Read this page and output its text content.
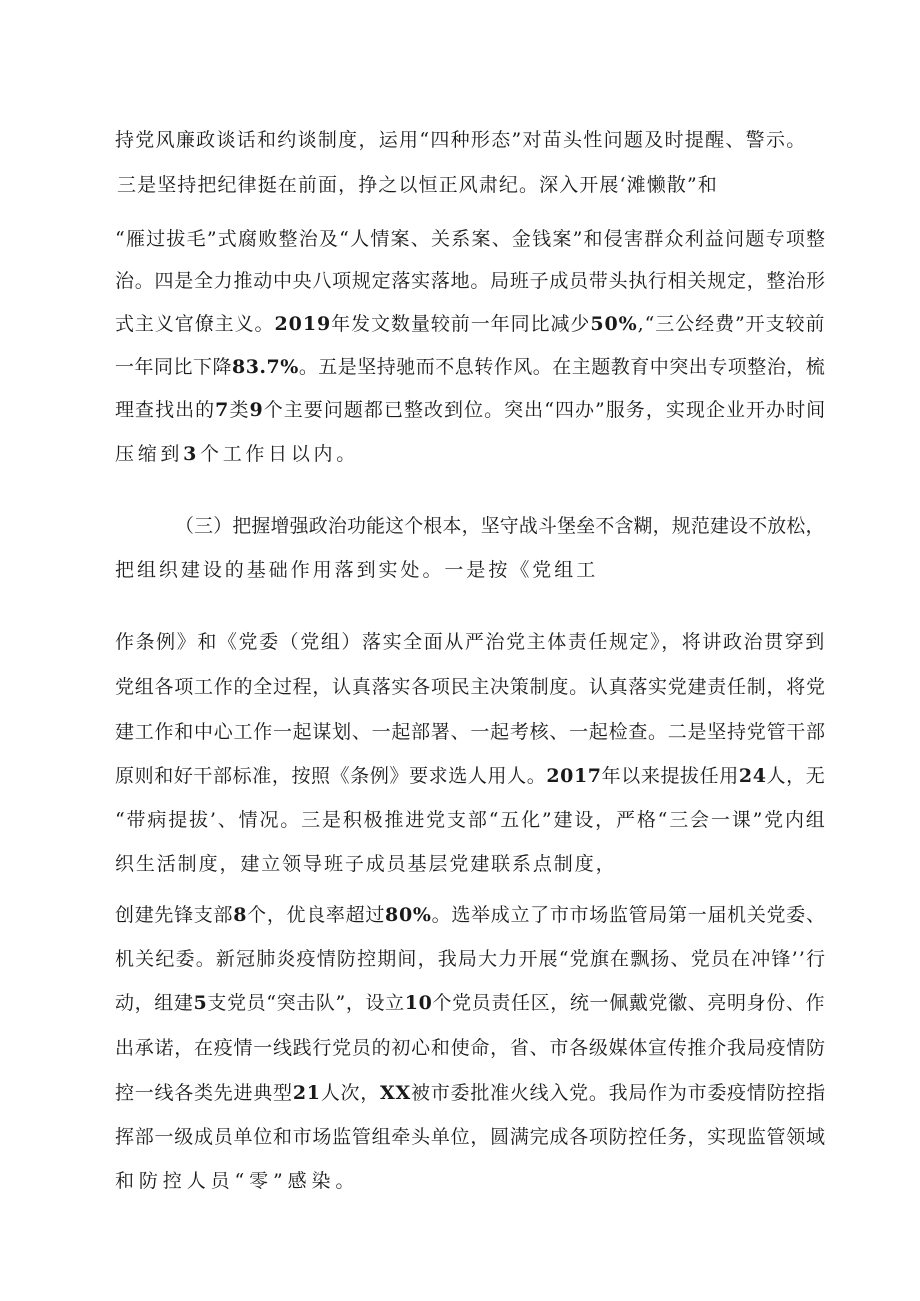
持党风廉政谈话和约谈制度，运用“四种形态”对苗头性问题及时提醒、警示。
三是坚持把纪律挺在前面，挣之以恒正风肃纪。深入开展‘滩懒散”和
“雁过拔毛”式腐败整治及“人情案、关系案、金钱案”和侵害群众利益问题专项整
治。四是全力推动中央八项规定落实落地。局班子成员带头执行相关规定，整治形
式主义官僚主义。2019年发文数量较前一年同比减少50%,“三公经费”开支较前
一年同比下降83.7%。五是坚持驰而不息转作风。在主题教育中突出专项整治，梳
理查找出的7类9个主要问题都已整改到位。突出“四办”服务，实现企业开办时间
压缩到3个工作日以内。
（三）把握增强政治功能这个根本，坚守战斗堡垒不含糊，规范建设不放松，
把组织建设的基础作用落到实处。一是按《党组工
作条例》和《党委（党组）落实全面从严治党主体责任规定》，将讲政治贯穿到
党组各项工作的全过程，认真落实各项民主决策制度。认真落实党建责任制，将党
建工作和中心工作一起谋划、一起部署、一起考核、一起检查。二是坚持党管干部
原则和好干部标准，按照《条例》要求选人用人。2017年以来提拔任用24人，无
“带病提拔’、情况。三是积极推进党支部“五化”建设，严格“三会一课”党内组
织生活制度，建立领导班子成员基层党建联系点制度，
创建先锋支部8个，优良率超过80%。选举成立了市市场监管局第一届机关党委、
机关纪委。新冠肺炎疫情防控期间，我局大力开展“党旗在飘扬、党员在冲锋’’行
动，组建5支党员“突击队”，设立10个党员责任区，统一佩戴党徽、亮明身份、作
出承诺，在疫情一线践行党员的初心和使命，省、市各级媒体宣传推介我局疫情防
控一线各类先进典型21人次，XX被市委批准火线入党。我局作为市委疫情防控指
挥部一级成员单位和市场监管组牵头单位，圆满完成各项防控任务，实现监管领域
和防控人员“零”感染。
